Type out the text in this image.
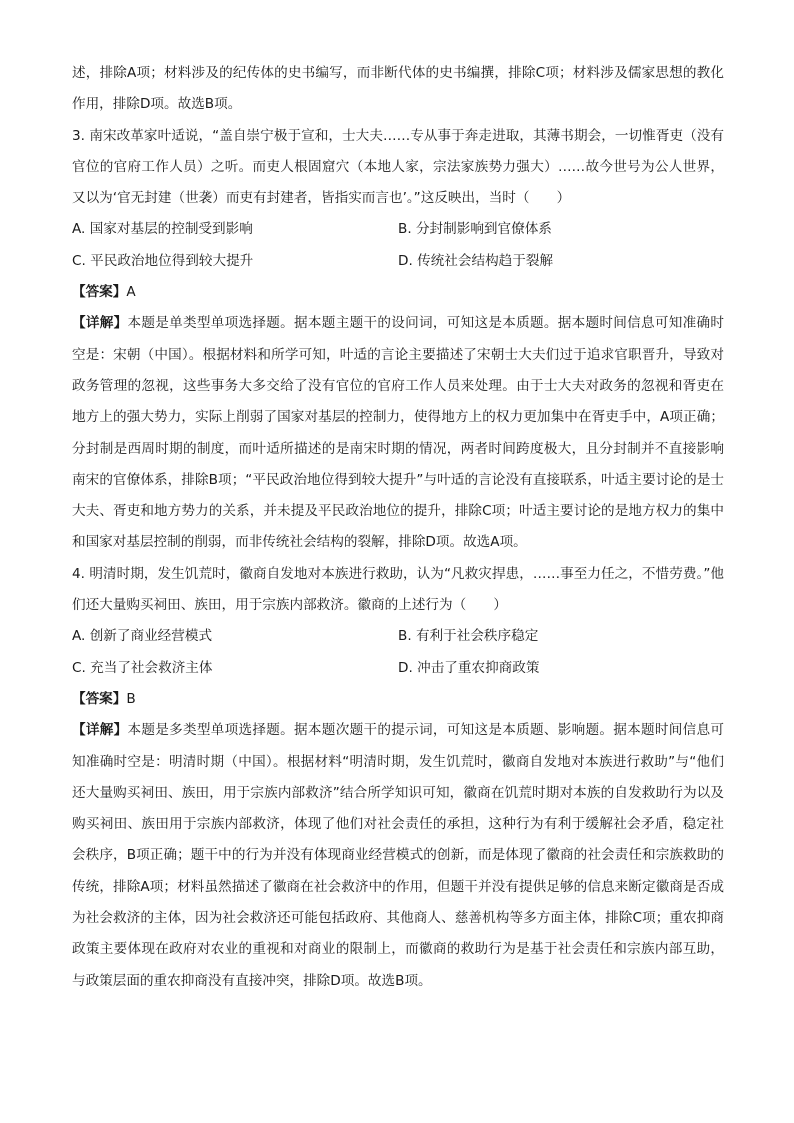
述，排除A项；材料涉及的纪传体的史书编写，而非断代体的史书编撰，排除C项；材料涉及儒家思想的教化作用，排除D项。故选B项。

3. 南宋改革家叶适说，“盖自崇宁极于宣和，士大夫……专从事于奔走进取，其薄书期会，一切惟胥吏（没有官位的官府工作人员）之听。而吏人根固窟穴（本地人家，宗法家族势力强大）……故今世号为公人世界，又以为‘官无封建（世袭）而吏有封建者，皆指实而言也’。”这反映出，当时（　　）

A. 国家对基层的控制受到影响	B. 分封制影响到官僚体系
C. 平民政治地位得到较大提升	D. 传统社会结构趋于裂解
【答案】A

【详解】本题是单类型单项选择题。据本题主题干的设问词，可知这是本质题。据本题时间信息可知准确时空是：宋朝（中国）。根据材料和所学可知，叶适的言论主要描述了宋朝士大夫们过于追求官职晋升，导致对政务管理的忽视，这些事务大多交给了没有官位的官府工作人员来处理。由于士大夫对政务的忽视和胥吏在地方上的强大势力，实际上削弱了国家对基层的控制力，使得地方上的权力更加集中在胥吏手中，A项正确；分封制是西周时期的制度，而叶适所描述的是南宋时期的情况，两者时间跨度极大，且分封制并不直接影响南宋的官僚体系，排除B项；“平民政治地位得到较大提升”与叶适的言论没有直接联系，叶适主要讨论的是士大夫、胥吏和地方势力的关系，并未提及平民政治地位的提升，排除C项；叶适主要讨论的是地方权力的集中和国家对基层控制的削弱，而非传统社会结构的裂解，排除D项。故选A项。

4. 明清时期，发生饥荒时，徽商自发地对本族进行救助，认为“凡救灾捍患，……事至力任之，不惜劳费。”他们还大量购买祠田、族田，用于宗族内部救济。徽商的上述行为（　　）

A. 创新了商业经营模式	B. 有利于社会秩序稳定
C. 充当了社会救济主体	D. 冲击了重农抑商政策
【答案】B

【详解】本题是多类型单项选择题。据本题次题干的提示词，可知这是本质题、影响题。据本题时间信息可知准确时空是：明清时期（中国）。根据材料“明清时期，发生饥荒时，徽商自发地对本族进行救助”与“他们还大量购买祠田、族田，用于宗族内部救济”结合所学知识可知，徽商在饥荒时期对本族的自发救助行为以及购买祠田、族田用于宗族内部救济，体现了他们对社会责任的承担，这种行为有利于缓解社会矛盾，稳定社会秩序，B项正确；题干中的行为并没有体现商业经营模式的创新，而是体现了徽商的社会责任和宗族救助的传统，排除A项；材料虽然描述了徽商在社会救济中的作用，但题干并没有提供足够的信息来断定徽商是否成为社会救济的主体，因为社会救济还可能包括政府、其他商人、慈善机构等多方面主体，排除C项；重农抑商政策主要体现在政府对农业的重视和对商业的限制上，而徽商的救助行为是基于社会责任和宗族内部互助，与政策层面的重农抑商没有直接冲突，排除D项。故选B项。
